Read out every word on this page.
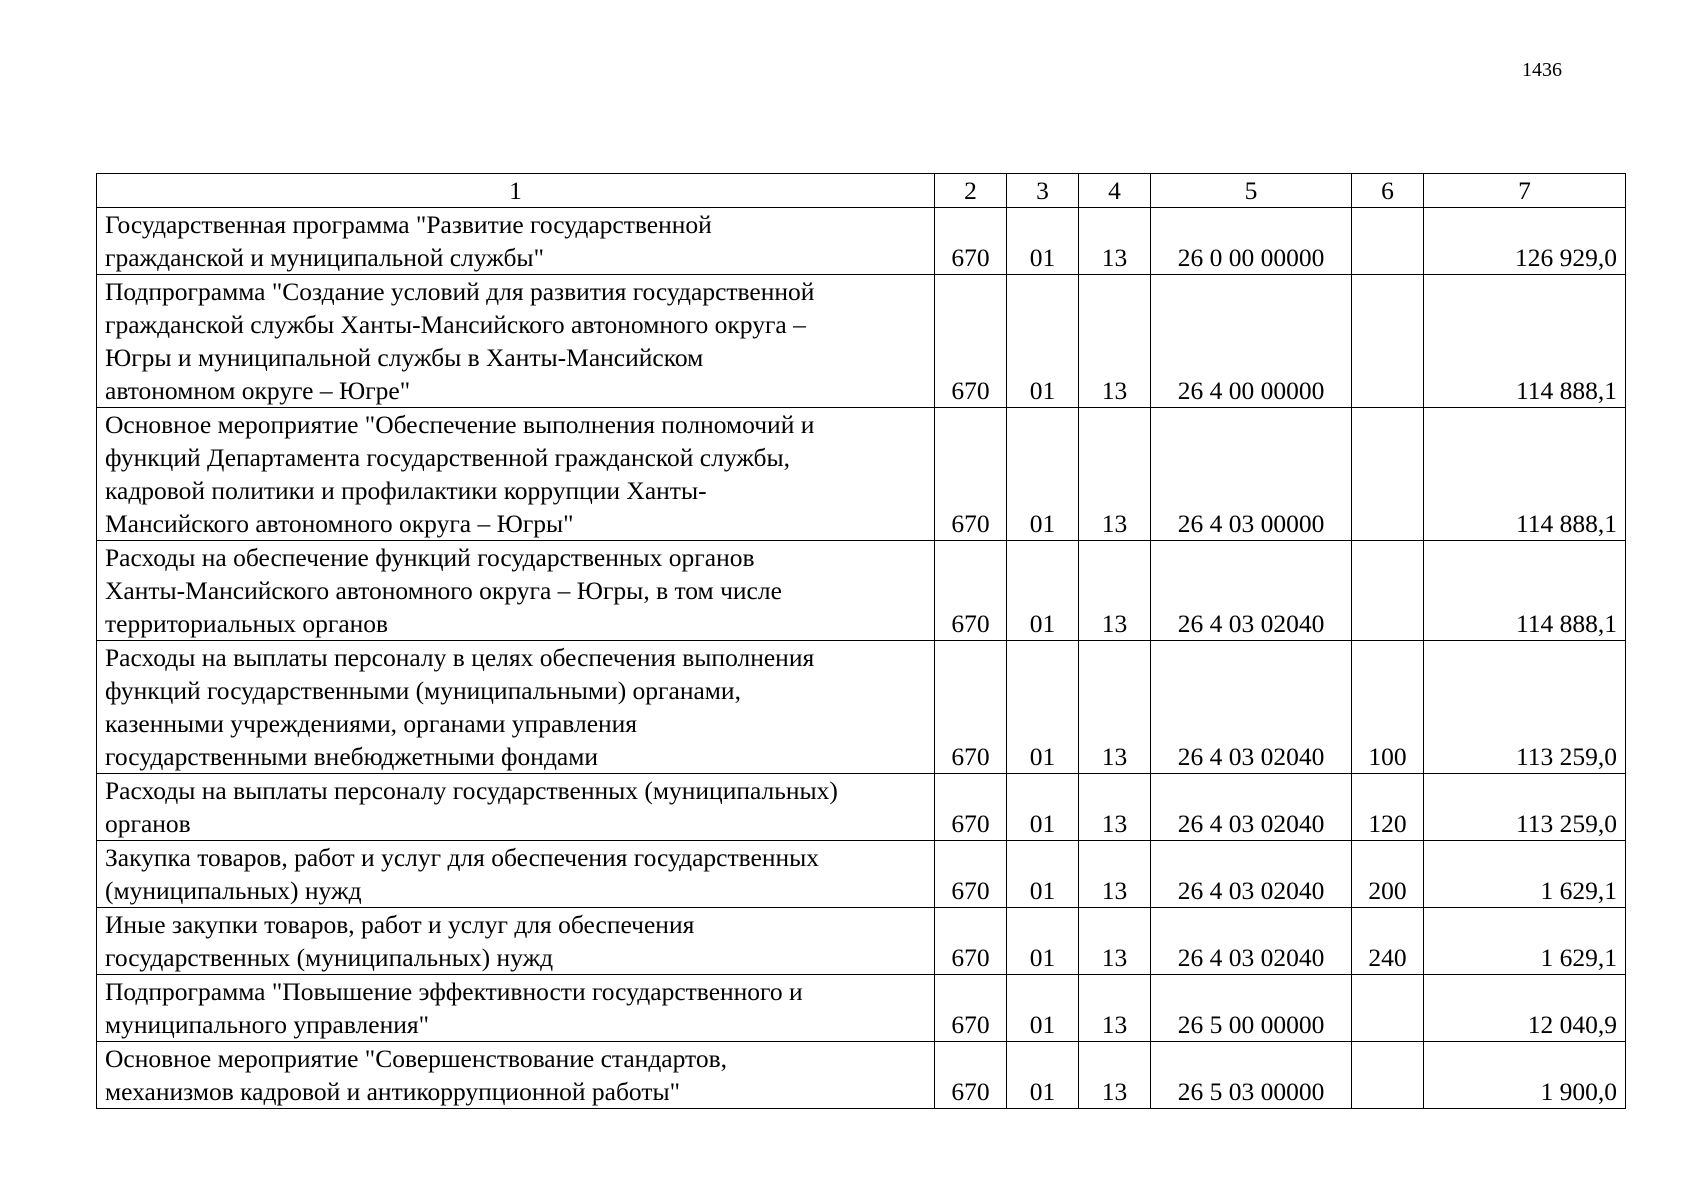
1436
1	2	3	4	5	6	7

Государственная программа "Развитие государственной
гражданской и муниципальной службы"	670	01	13	26 0 00 00000		126 929,0

Подпрограмма "Создание условий для развития государственной
гражданской службы Ханты-Мансийского автономного округа –
Югры и муниципальной службы в Ханты-Мансийском
автономном округе – Югре"	670	01	13	26 4 00 00000		114 888,1

Основное мероприятие "Обеспечение выполнения полномочий и
функций Департамента государственной гражданской службы,
кадровой политики и профилактики коррупции Ханты-
Мансийского автономного округа – Югры"	670	01	13	26 4 03 00000		114 888,1

Расходы на обеспечение функций государственных органов
Ханты-Мансийского автономного округа – Югры, в том числе
территориальных органов	670	01	13	26 4 03 02040		114 888,1

Расходы на выплаты персоналу в целях обеспечения выполнения
функций государственными (муниципальными) органами,
казенными учреждениями, органами управления
государственными внебюджетными фондами	670	01	13	26 4 03 02040	100	113 259,0

Расходы на выплаты персоналу государственных (муниципальных)
органов	670	01	13	26 4 03 02040	120	113 259,0

Закупка товаров, работ и услуг для обеспечения государственных
(муниципальных) нужд	670	01	13	26 4 03 02040	200	1 629,1

Иные закупки товаров, работ и услуг для обеспечения
государственных (муниципальных) нужд	670	01	13	26 4 03 02040	240	1 629,1

Подпрограмма "Повышение эффективности государственного и
муниципального управления"	670	01	13	26 5 00 00000		12 040,9

Основное мероприятие "Совершенствование стандартов,
механизмов кадровой и антикоррупционной работы"	670	01	13	26 5 03 00000		1 900,0
